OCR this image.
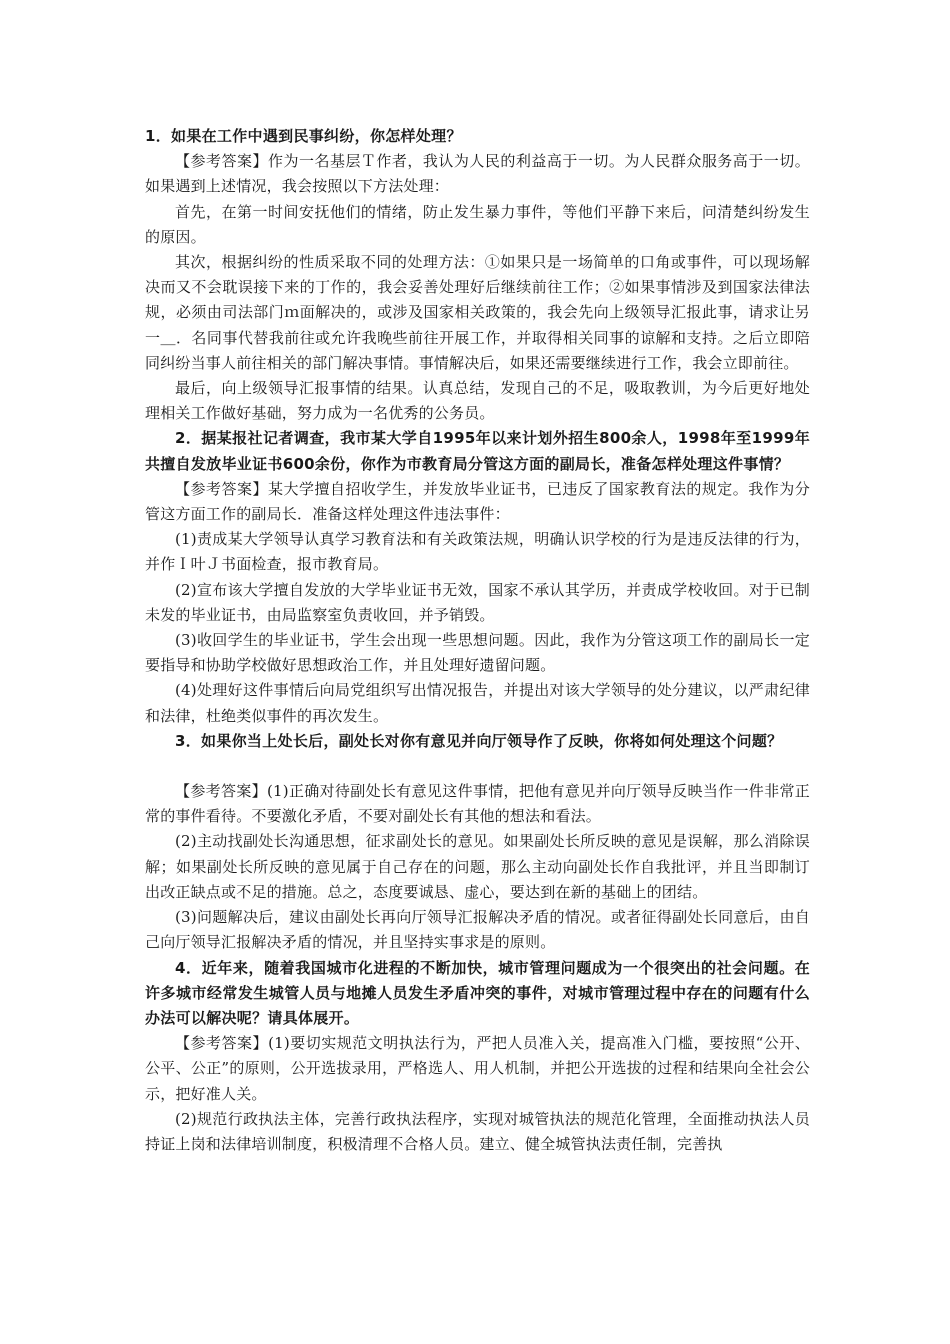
1．如果在工作中遇到民事纠纷，你怎样处理？

【参考答案】作为一名基层Ｔ作者，我认为人民的利益高于一切。为人民群众服务高于一切。如果遇到上述情况，我会按照以下方法处理：

首先，在第一时间安抚他们的情绪，防止发生暴力事件，等他们平静下来后，问清楚纠纷发生的原因。

其次，根据纠纷的性质采取不同的处理方法：①如果只是一场简单的口角或事件，可以现场解决而又不会耽误接下来的丁作的，我会妥善处理好后继续前往工作；②如果事情涉及到国家法律法规，必须由司法部门ｍ面解决的，或涉及国家相关政策的，我会先向上级领导汇报此事，请求让另一＿．名同事代替我前往或允许我晚些前往开展工作，并取得相关同事的谅解和支持。之后立即陪同纠纷当事人前往相关的部门解决事情。事情解决后，如果还需要继续进行工作，我会立即前往。

最后，向上级领导汇报事情的结果。认真总结，发现自己的不足，吸取教训，为今后更好地处理相关工作做好基础，努力成为一名优秀的公务员。

2．据某报社记者调查，我市某大学自1995年以来计划外招生800余人，1998年至1999年共擅自发放毕业证书600余份，你作为市教育局分管这方面的副局长，准备怎样处理这件事情？

【参考答案】某大学擅自招收学生，并发放毕业证书，已违反了国家教育法的规定。我作为分管这方面工作的副局长．准备这样处理这件违法事件：

(1)责成某大学领导认真学习教育法和有关政策法规，明确认识学校的行为是违反法律的行为，并作Ｉ叶Ｊ书面检查，报市教育局。

(2)宣布该大学擅自发放的大学毕业证书无效，国家不承认其学历，并责成学校收回。对于已制未发的毕业证书，由局监察室负责收回，并予销毁。

(3)收回学生的毕业证书，学生会出现一些思想问题。因此，我作为分管这项工作的副局长一定要指导和协助学校做好思想政治工作，并且处理好遗留问题。

(4)处理好这件事情后向局党组织写出情况报告，并提出对该大学领导的处分建议，以严肃纪律和法律，杜绝类似事件的再次发生。

3．如果你当上处长后，副处长对你有意见并向厅领导作了反映，你将如何处理这个问题？

【参考答案】(1)正确对待副处长有意见这件事情，把他有意见并向厅领导反映当作一件非常正常的事件看待。不要激化矛盾，不要对副处长有其他的想法和看法。

(2)主动找副处长沟通思想，征求副处长的意见。如果副处长所反映的意见是误解，那么消除误解；如果副处长所反映的意见属于自己存在的问题，那么主动向副处长作自我批评，并且当即制订出改正缺点或不足的措施。总之，态度要诚恳、虚心，要达到在新的基础上的团结。

(3)问题解决后，建议由副处长再向厅领导汇报解决矛盾的情况。或者征得副处长同意后，由自己向厅领导汇报解决矛盾的情况，并且坚持实事求是的原则。

4．近年来，随着我国城市化进程的不断加快，城市管理问题成为一个很突出的社会问题。在许多城市经常发生城管人员与地摊人员发生矛盾冲突的事件，对城市管理过程中存在的问题有什么办法可以解决呢？请具体展开。

【参考答案】(1)要切实规范文明执法行为，严把人员准入关，提高准入门槛，要按照“公开、公平、公正”的原则，公开选拔录用，严格选人、用人机制，并把公开选拔的过程和结果向全社会公示，把好准人关。

(2)规范行政执法主体，完善行政执法程序，实现对城管执法的规范化管理，全面推动执法人员持证上岗和法律培训制度，积极清理不合格人员。建立、健全城管执法责任制，完善执
